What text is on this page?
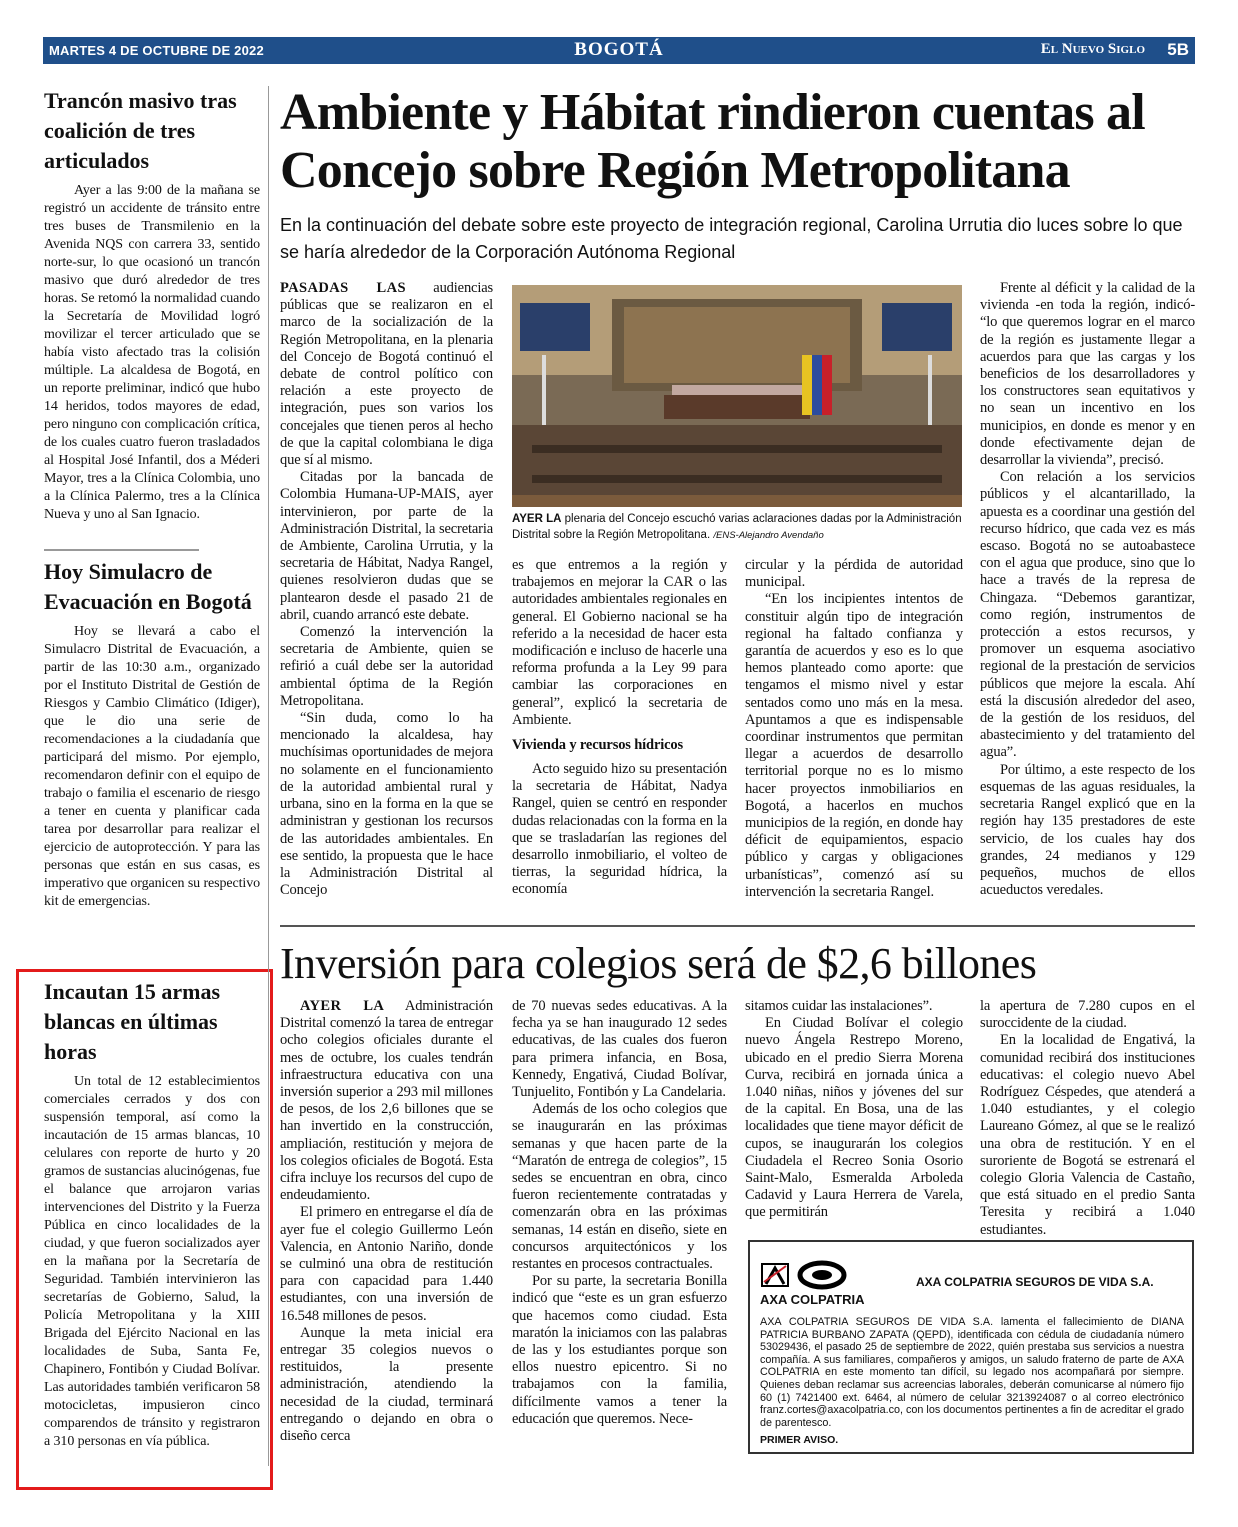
MARTES 4 DE OCTUBRE DE 2022	BOGOTÁ	El Nuevo Siglo 5B
Trancón masivo tras coalición de tres articulados

Ayer a las 9:00 de la mañana se registró un accidente de tránsito entre tres buses de Transmilenio en la Avenida NQS con carrera 33, sentido norte-sur, lo que ocasionó un trancón masivo que duró alrededor de tres horas. Se retomó la normalidad cuando la Secretaría de Movilidad logró movilizar el tercer articulado que se había visto afectado tras la colisión múltiple. La alcaldesa de Bogotá, en un reporte preliminar, indicó que hubo 14 heridos, todos mayores de edad, pero ninguno con complicación crítica, de los cuales cuatro fueron trasladados al Hospital José Infantil, dos a Méderi Mayor, tres a la Clínica Colombia, uno a la Clínica Palermo, tres a la Clínica Nueva y uno al San Ignacio.

Hoy Simulacro de Evacuación en Bogotá

Hoy se llevará a cabo el Simulacro Distrital de Evacuación, a partir de las 10:30 a.m., organizado por el Instituto Distrital de Gestión de Riesgos y Cambio Climático (Idiger), que le dio una serie de recomendaciones a la ciudadanía que participará del mismo. Por ejemplo, recomendaron definir con el equipo de trabajo o familia el escenario de riesgo a tener en cuenta y planificar cada tarea por desarrollar para realizar el ejercicio de autoprotección. Y para las personas que están en sus casas, es imperativo que organicen su respectivo kit de emergencias.

Incautan 15 armas blancas en últimas horas

Un total de 12 establecimientos comerciales cerrados y dos con suspensión temporal, así como la incautación de 15 armas blancas, 10 celulares con reporte de hurto y 20 gramos de sustancias alucinógenas, fue el balance que arrojaron varias intervenciones del Distrito y la Fuerza Pública en cinco localidades de la ciudad, y que fueron socializados ayer en la mañana por la Secretaría de Seguridad. También intervinieron las secretarías de Gobierno, Salud, la Policía Metropolitana y la XIII Brigada del Ejército Nacional en las localidades de Suba, Santa Fe, Chapinero, Fontibón y Ciudad Bolívar. Las autoridades también verificaron 58 motocicletas, impusieron cinco comparendos de tránsito y registraron a 310 personas en vía pública.

Ambiente y Hábitat rindieron cuentas al Concejo sobre Región Metropolitana

En la continuación del debate sobre este proyecto de integración regional, Carolina Urrutia dio luces sobre lo que se haría alrededor de la Corporación Autónoma Regional

PASADAS LAS audiencias públicas que se realizaron en el marco de la socialización de la Región Metropolitana, en la plenaria del Concejo de Bogotá continuó el debate de control político con relación a este proyecto de integración, pues son varios los concejales que tienen peros al hecho de que la capital colombiana le diga que sí al mismo.

Citadas por la bancada de Colombia Humana-UP-MAIS, ayer intervinieron, por parte de la Administración Distrital, la secretaria de Ambiente, Carolina Urrutia, y la secretaria de Hábitat, Nadya Rangel, quienes resolvieron dudas que se plantearon desde el pasado 21 de abril, cuando arrancó este debate.

Comenzó la intervención la secretaria de Ambiente, quien se refirió a cuál debe ser la autoridad ambiental óptima de la Región Metropolitana.

“Sin duda, como lo ha mencionado la alcaldesa, hay muchísimas oportunidades de mejora no solamente en el funcionamiento de la autoridad ambiental rural y urbana, sino en la forma en la que se administran y gestionan los recursos de las autoridades ambientales. En ese sentido, la propuesta que le hace la Administración Distrital al Concejo

AYER LA plenaria del Concejo escuchó varias aclaraciones dadas por la Administración Distrital sobre la Región Metropolitana. /ENS-Alejandro Avendaño

es que entremos a la región y trabajemos en mejorar la CAR o las autoridades ambientales regionales en general. El Gobierno nacional se ha referido a la necesidad de hacer esta modificación e incluso de hacerle una reforma profunda a la Ley 99 para cambiar las corporaciones en general”, explicó la secretaria de Ambiente.

Vivienda y recursos hídricos

Acto seguido hizo su presentación la secretaria de Hábitat, Nadya Rangel, quien se centró en responder dudas relacionadas con la forma en la que se trasladarían las regiones del desarrollo inmobiliario, el volteo de tierras, la seguridad hídrica, la economía

circular y la pérdida de autoridad municipal.

“En los incipientes intentos de constituir algún tipo de integración regional ha faltado confianza y garantía de acuerdos y eso es lo que hemos planteado como aporte: que tengamos el mismo nivel y estar sentados como uno más en la mesa. Apuntamos a que es indispensable coordinar instrumentos que permitan llegar a acuerdos de desarrollo territorial porque no es lo mismo hacer proyectos inmobiliarios en Bogotá, a hacerlos en muchos municipios de la región, en donde hay déficit de equipamientos, espacio público y cargas y obligaciones urbanísticas”, comenzó así su intervención la secretaria Rangel.

Frente al déficit y la calidad de la vivienda -en toda la región, indicó- “lo que queremos lograr en el marco de la región es justamente llegar a acuerdos para que las cargas y los beneficios de los desarrolladores y los constructores sean equitativos y no sean un incentivo en los municipios, en donde es menor y en donde efectivamente dejan de desarrollar la vivienda”, precisó.

Con relación a los servicios públicos y el alcantarillado, la apuesta es a coordinar una gestión del recurso hídrico, que cada vez es más escaso. Bogotá no se autoabastece con el agua que produce, sino que lo hace a través de la represa de Chingaza. “Debemos garantizar, como región, instrumentos de protección a estos recursos, y promover un esquema asociativo regional de la prestación de servicios públicos que mejore la escala. Ahí está la discusión alrededor del aseo, de la gestión de los residuos, del abastecimiento y del tratamiento del agua”.

Por último, a este respecto de los esquemas de las aguas residuales, la secretaria Rangel explicó que en la región hay 135 prestadores de este servicio, de los cuales hay dos grandes, 24 medianos y 129 pequeños, muchos de ellos acueductos veredales.

Inversión para colegios será de $2,6 billones

AYER LA Administración Distrital comenzó la tarea de entregar ocho colegios oficiales durante el mes de octubre, los cuales tendrán infraestructura educativa con una inversión superior a 293 mil millones de pesos, de los 2,6 billones que se han invertido en la construcción, ampliación, restitución y mejora de los colegios oficiales de Bogotá. Esta cifra incluye los recursos del cupo de endeudamiento.

El primero en entregarse el día de ayer fue el colegio Guillermo León Valencia, en Antonio Nariño, donde se culminó una obra de restitución para con capacidad para 1.440 estudiantes, con una inversión de 16.548 millones de pesos.

Aunque la meta inicial era entregar 35 colegios nuevos o restituidos, la presente administración, atendiendo la necesidad de la ciudad, terminará entregando o dejando en obra o diseño cerca

de 70 nuevas sedes educativas. A la fecha ya se han inaugurado 12 sedes educativas, de las cuales dos fueron para primera infancia, en Bosa, Kennedy, Engativá, Ciudad Bolívar, Tunjuelito, Fontibón y La Candelaria.

Además de los ocho colegios que se inaugurarán en las próximas semanas y que hacen parte de la “Maratón de entrega de colegios”, 15 sedes se encuentran en obra, cinco fueron recientemente contratadas y comenzarán obra en las próximas semanas, 14 están en diseño, siete en concursos arquitectónicos y los restantes en procesos contractuales.

Por su parte, la secretaria Bonilla indicó que “este es un gran esfuerzo que hacemos como ciudad. Esta maratón la iniciamos con las palabras de las y los estudiantes porque son ellos nuestro epicentro. Si no trabajamos con la familia, difícilmente vamos a tener la educación que queremos. Nece-

sitamos cuidar las instalaciones”.

En Ciudad Bolívar el colegio nuevo Ángela Restrepo Moreno, ubicado en el predio Sierra Morena Curva, recibirá en jornada única a 1.040 niñas, niños y jóvenes del sur de la capital. En Bosa, una de las localidades que tiene mayor déficit de cupos, se inaugurarán los colegios Ciudadela el Recreo Sonia Osorio Saint-Malo, Esmeralda Arboleda Cadavid y Laura Herrera de Varela, que permitirán

la apertura de 7.280 cupos en el suroccidente de la ciudad.

En la localidad de Engativá, la comunidad recibirá dos instituciones educativas: el colegio nuevo Abel Rodríguez Céspedes, que atenderá a 1.040 estudiantes, y el colegio Laureano Gómez, al que se le realizó una obra de restitución. Y en el suroriente de Bogotá se estrenará el colegio Gloria Valencia de Castaño, que está situado en el predio Santa Teresita y recibirá a 1.040 estudiantes.

AXA COLPATRIA
AXA COLPATRIA SEGUROS DE VIDA S.A.

AXA COLPATRIA SEGUROS DE VIDA S.A. lamenta el fallecimiento de DIANA PATRICIA BURBANO ZAPATA (QEPD), identificada con cédula de ciudadanía número 53029436, el pasado 25 de septiembre de 2022, quién prestaba sus servicios a nuestra compañía. A sus familiares, compañeros y amigos, un saludo fraterno de parte de AXA COLPATRIA en este momento tan difícil, su legado nos acompañará por siempre. Quienes deban reclamar sus acreencias laborales, deberán comunicarse al número fijo 60 (1) 7421400 ext. 6464, al número de celular 3213924087 o al correo electrónico franz.cortes@axacolpatria.co, con los documentos pertinentes a fin de acreditar el grado de parentesco.

PRIMER AVISO.
